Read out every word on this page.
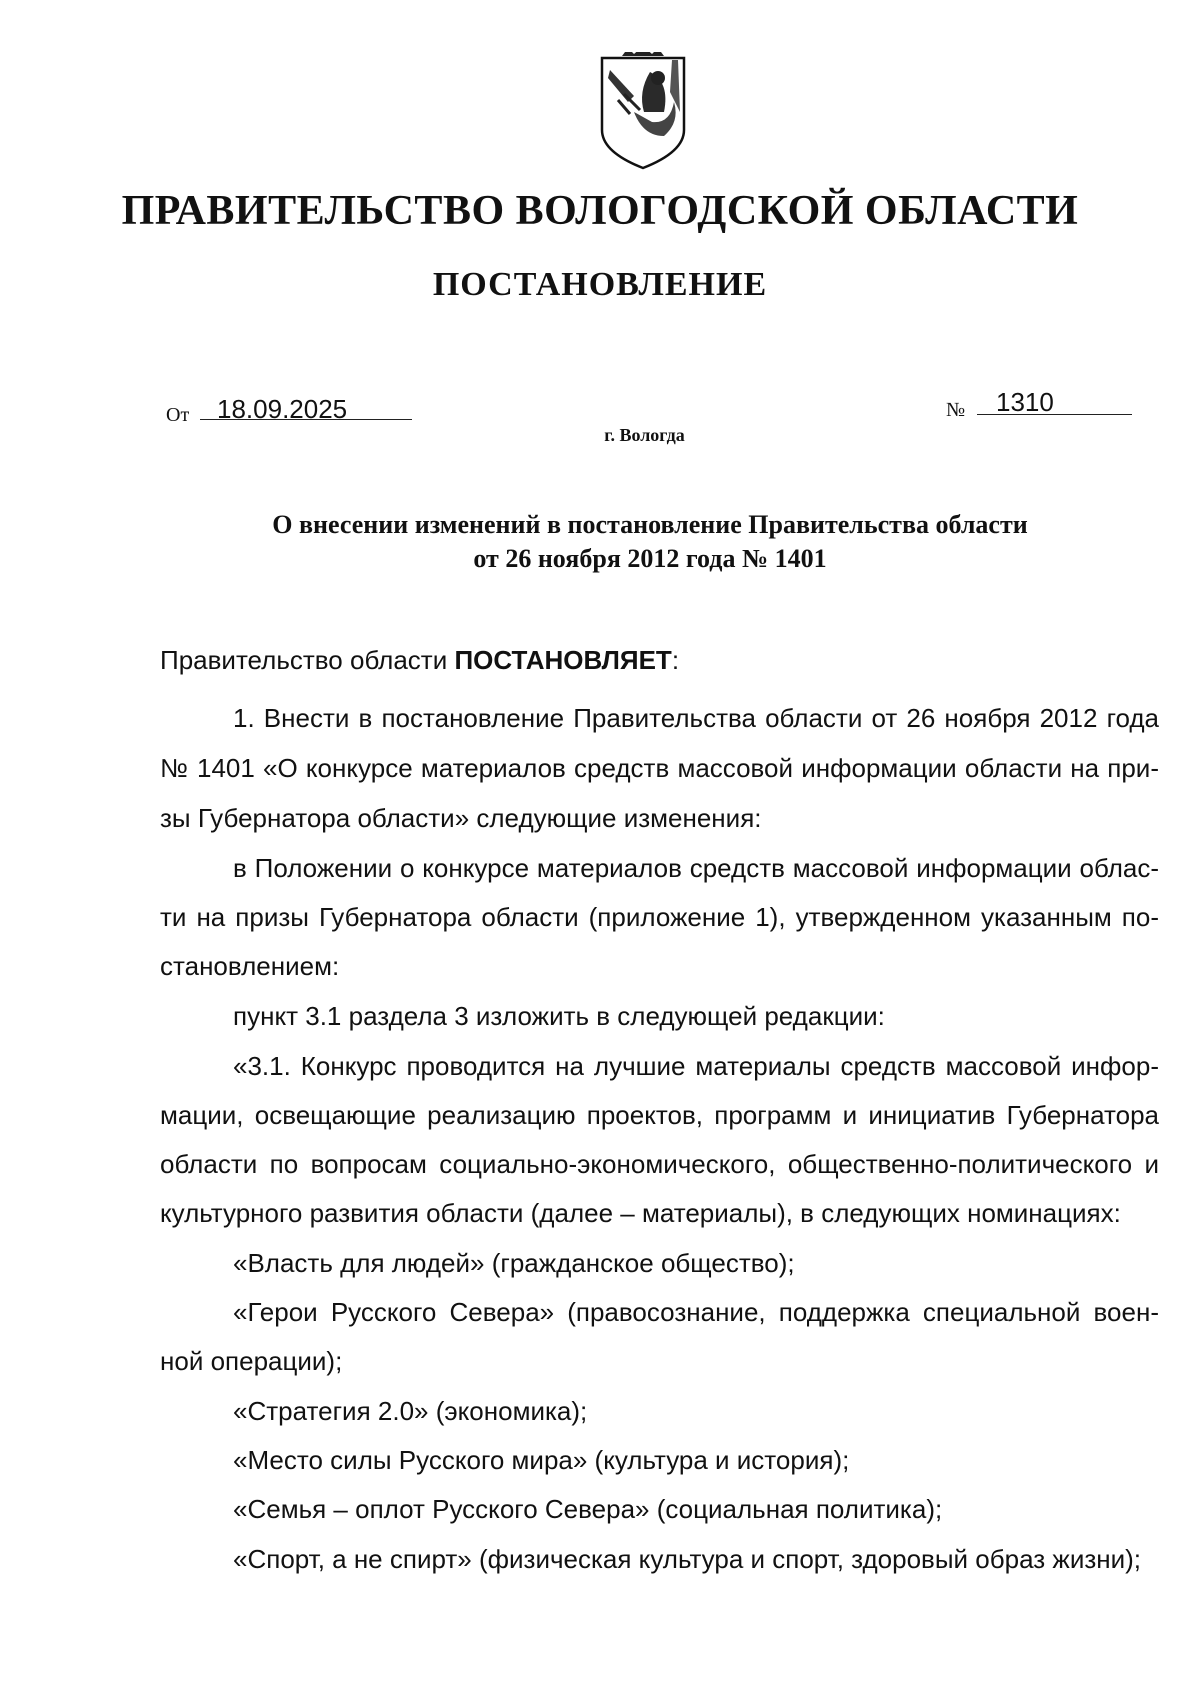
ПРАВИТЕЛЬСТВО ВОЛОГОДСКОЙ ОБЛАСТИ
ПОСТАНОВЛЕНИЕ
От 18.09.2025	№ 1310
г. Вологда

О внесении изменений в постановление Правительства области
от 26 ноября 2012 года № 1401

Правительство области ПОСТАНОВЛЯЕТ:

1. Внести в постановление Правительства области от 26 ноября 2012 года

№ 1401 «О конкурсе материалов средств массовой информации области на при-

зы Губернатора области» следующие изменения:

в Положении о конкурсе материалов средств массовой информации облас-

ти на призы Губернатора области (приложение 1), утвержденном указанным по-

становлением:

пункт 3.1 раздела 3 изложить в следующей редакции:

«3.1. Конкурс проводится на лучшие материалы средств массовой инфор-

мации, освещающие реализацию проектов, программ и инициатив Губернатора

области по вопросам социально-экономического, общественно-политического и

культурного развития области (далее – материалы), в следующих номинациях:

«Власть для людей» (гражданское общество);

«Герои Русского Севера» (правосознание, поддержка специальной воен-

ной операции);

«Стратегия 2.0» (экономика);

«Место силы Русского мира» (культура и история);

«Семья – оплот Русского Севера» (социальная политика);

«Спорт, а не спирт» (физическая культура и спорт, здоровый образ жизни);
